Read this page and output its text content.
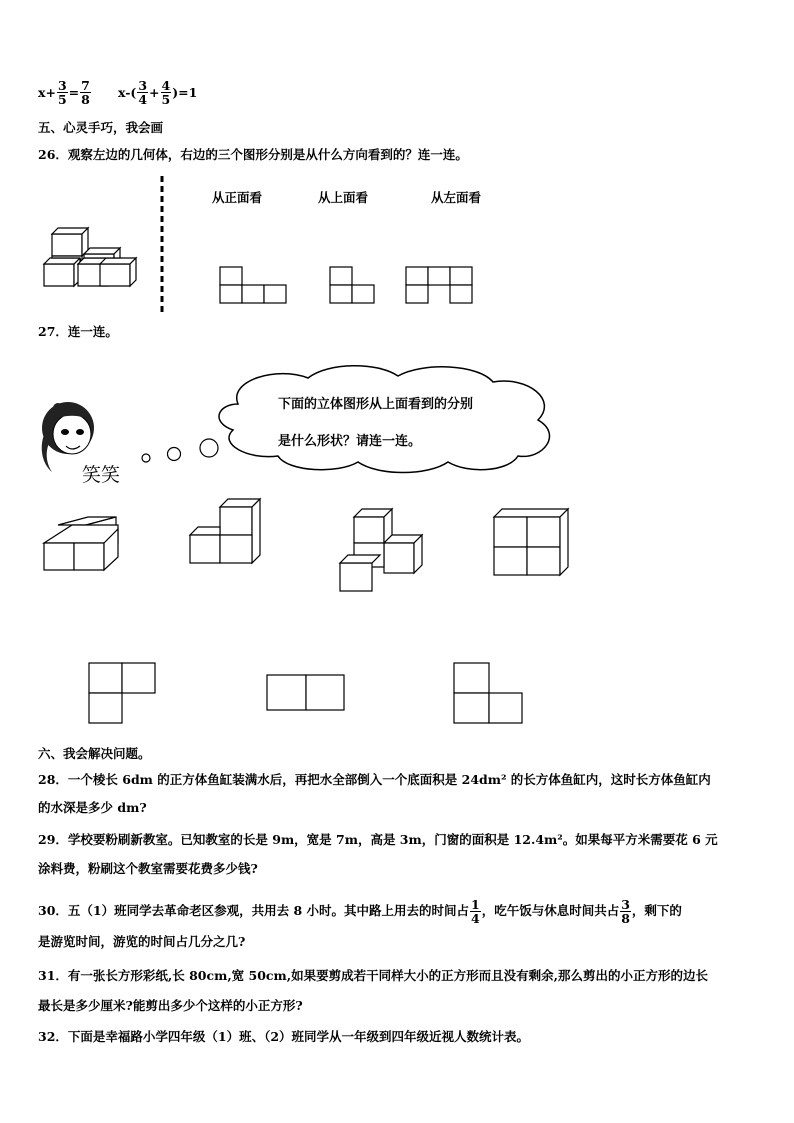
$x+ \frac{3}{5} = \frac{7}{8} x-( \frac{3}{4} + \frac{4}{5} )=1$
五、心灵手巧，我会画
26．观察左边的几何体，右边的三个图形分别是从什么方向看到的？连一连。
从正面看	从上面看	从左面看
27．连一连。
下面的立体图形从上面看到的分别
是什么形状？请连一连。
笑笑
六、我会解决问题。
28．一个棱长 6dm 的正方体鱼缸装满水后，再把水全部倒入一个底面积是 24dm² 的长方体鱼缸内，这时长方体鱼缸内
的水深是多少 dm?
29．学校要粉刷新教室。已知教室的长是 9m，宽是 7m，高是 3m，门窗的面积是 12.4m²。如果每平方米需要花 6 元
涂料费，粉刷这个教室需要花费多少钱?
30．五（1）班同学去革命老区参观，共用去 8 小时。其中路上用去的时间占 $\frac{1}{4}$ ，吃午饭与休息时间共占 $\frac{3}{8}$ ，剩下的
是游览时间，游览的时间占几分之几?
31．有一张长方形彩纸,长 80cm,宽 50cm,如果要剪成若干同样大小的正方形而且没有剩余,那么剪出的小正方形的边长
最长是多少厘米?能剪出多少个这样的小正方形?
32．下面是幸福路小学四年级（1）班、（2）班同学从一年级到四年级近视人数统计表。
